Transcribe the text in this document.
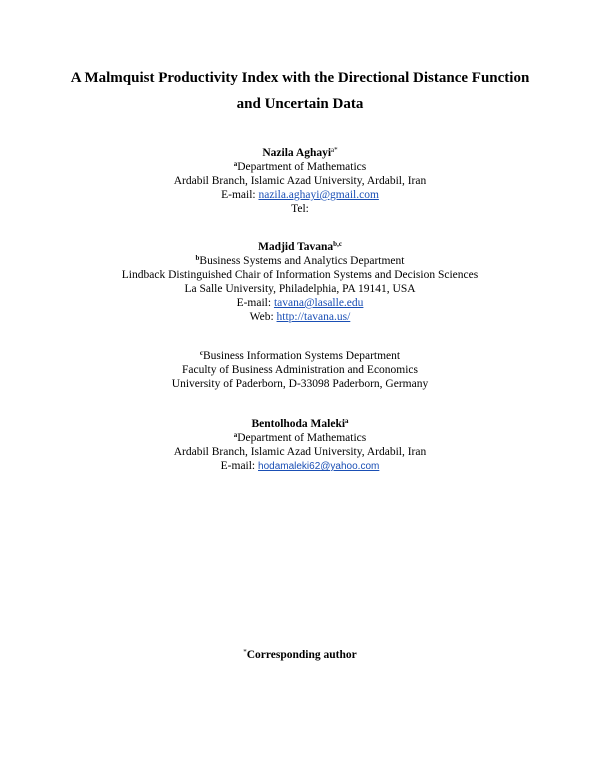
A Malmquist Productivity Index with the Directional Distance Function
and Uncertain Data
Nazila Aghayi$^{a*}$
$^a$Department of Mathematics
Ardabil Branch, Islamic Azad University, Ardabil, Iran
E-mail: nazila.aghayi@gmail.com
Tel:
Madjid Tavana$^{b,c}$
$^b$Business Systems and Analytics Department
Lindback Distinguished Chair of Information Systems and Decision Sciences
La Salle University, Philadelphia, PA 19141, USA
E-mail: tavana@lasalle.edu
Web: http://tavana.us/
$^c$Business Information Systems Department
Faculty of Business Administration and Economics
University of Paderborn, D-33098 Paderborn, Germany
Bentolhoda Maleki$^a$
$^a$Department of Mathematics
Ardabil Branch, Islamic Azad University, Ardabil, Iran
E-mail: hodamaleki62@yahoo.com
*Corresponding author
